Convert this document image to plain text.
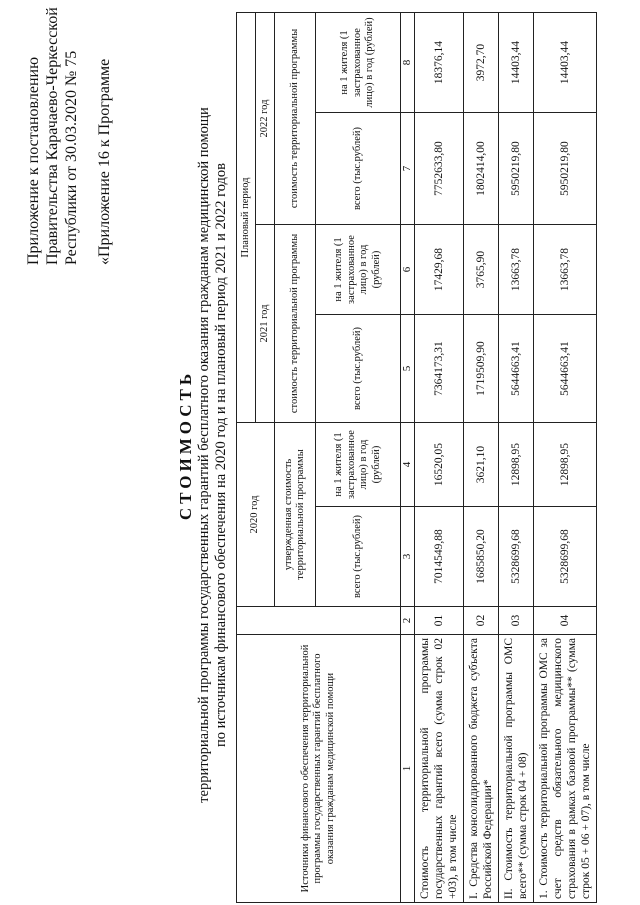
Приложение к постановлению Правительства Карачаево-Черкесской Республики от 30.03.2020 № 75 «Приложение 16 к Программе
СТОИМОСТЬ территориальной программы государственных гарантий бесплатного оказания гражданам медицинской помощи по источникам финансового обеспечения на 2020 год и на плановый период 2021 и 2022 годов
Источники финансового обеспечения территориальной программы государственных гарантий бесплатного оказания гражданам медицинской помощи		2020 год		Плановый период			
				2021 год		2022 год	
		утвержденная стоимость территориальной программы		стоимость территориальной программы		стоимость территориальной программы	
		всего (тыс.рублей)	на 1 жителя (1 застрахованное лицо) в год (рублей)	всего (тыс.рублей)	на 1 жителя (1 застрахованное лицо) в год (рублей)	всего (тыс.рублей)	на 1 жителя (1 застрахованное лицо) в год (рублей)
1	2	3	4	5	6	7	8
Стоимость территориальной программы государственных гарантий всего (сумма строк 02 +03), в том числе	01	7014549,88	16520,05	7364173,31	17429,68	7752633,80	18376,14
I. Средства консолидированного бюджета субъекта Российской Федерации*	02	1685850,20	3621,10	1719509,90	3765,90	1802414,00	3972,70
II. Стоимость территориальной программы ОМС всего** (сумма строк 04 + 08)	03	5328699,68	12898,95	5644663,41	13663,78	5950219,80	14403,44
1. Стоимость территориальной программы ОМС за счет средств обязательного медицинского страхования в рамках базовой программы** (сумма строк 05 + 06 + 07), в том числе	04	5328699,68	12898,95	5644663,41	13663,78	5950219,80	14403,44
